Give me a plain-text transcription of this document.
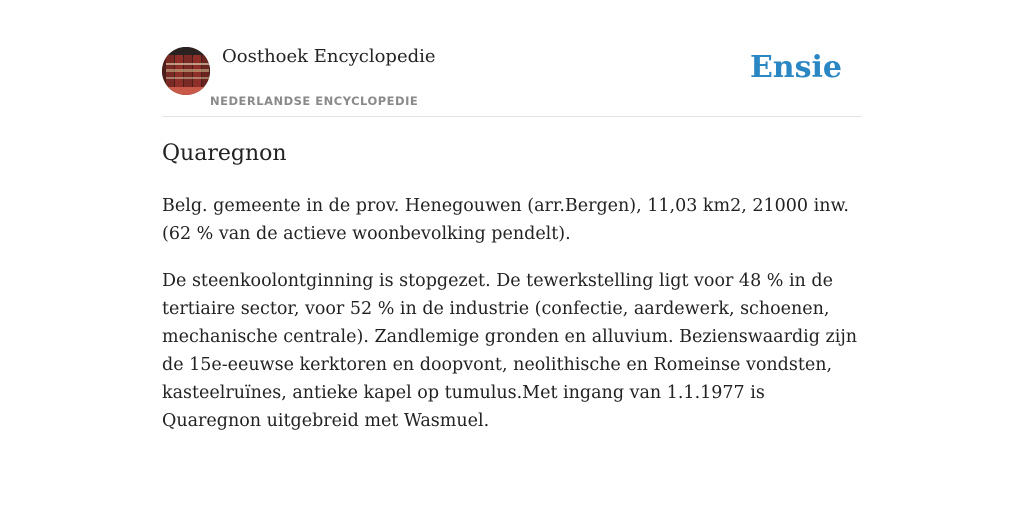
Oosthoek Encyclopedie
NEDERLANDSE ENCYCLOPEDIE
Ensie
Quaregnon

Belg. gemeente in de prov. Henegouwen (arr.Bergen), 11,03 km2, 21000 inw. (62 % van de actieve woonbevolking pendelt).

De steenkoolontginning is stopgezet. De tewerkstelling ligt voor 48 % in de tertiaire sector, voor 52 % in de industrie (confectie, aardewerk, schoenen, mechanische centrale). Zandlemige gronden en alluvium. Bezienswaardig zijn de 15e-eeuwse kerktoren en doopvont, neolithische en Romeinse vondsten, kasteelruïnes, antieke kapel op tumulus.Met ingang van 1.1.1977 is Quaregnon uitgebreid met Wasmuel.
